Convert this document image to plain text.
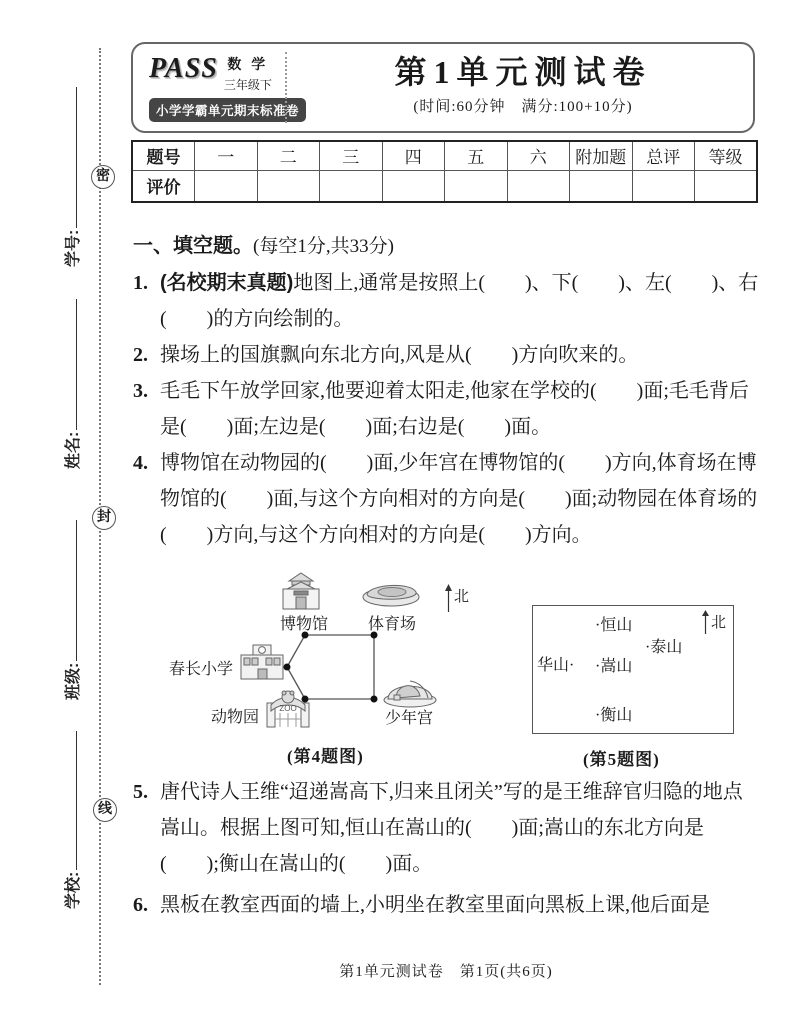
密
封
线
学号:
姓名:
班级:
学校:
PASS 数 学
三年级下
小学学霸单元期末标准卷
第1单元测试卷
(时间:60分钟　满分:100+10分)
题号	一	二	三	四	五	六	附加题	总评	等级
评价									
一、填空题。(每空1分,共33分)
1. (名校期末真题)地图上,通常是按照上(　　)、下(　　)、左(　　)、右(　　)的方向绘制的。
2. 操场上的国旗飘向东北方向,风是从(　　)方向吹来的。
3. 毛毛下午放学回家,他要迎着太阳走,他家在学校的(　　)面;毛毛背后是(　　)面;左边是(　　)面;右边是(　　)面。
4. 博物馆在动物园的(　　)面,少年宫在博物馆的(　　)方向,体育场在博物馆的(　　)面,与这个方向相对的方向是(　　)面;动物园在体育场的(　　)方向,与这个方向相对的方向是(　　)方向。
ZOO
博物馆 体育场
春长小学
动物园	少年宫
北
(第4题图)
·恒山
·泰山
华山· ·嵩山
·衡山
北
(第5题图)
5. 唐代诗人王维“迢递嵩高下,归来且闭关”写的是王维辞官归隐的地点嵩山。根据上图可知,恒山在嵩山的(　　)面;嵩山的东北方向是(　　);衡山在嵩山的(　　)面。
6. 黑板在教室西面的墙上,小明坐在教室里面向黑板上课,他后面是
第1单元测试卷　第1页(共6页)
